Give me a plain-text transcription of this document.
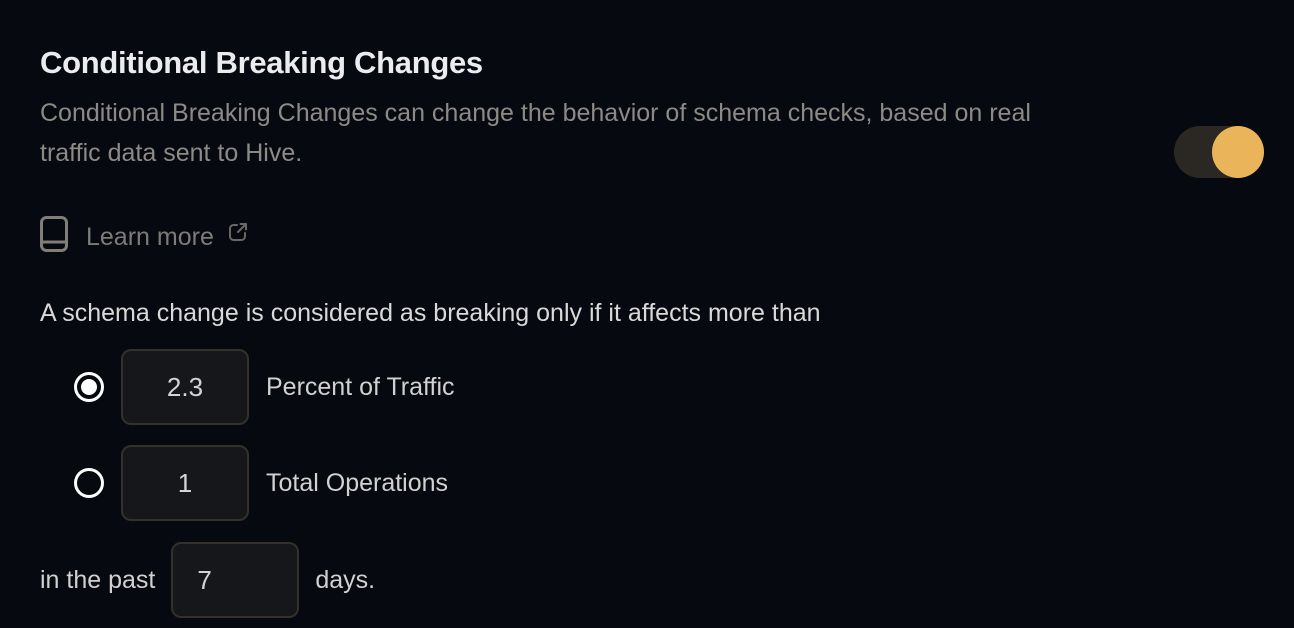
Conditional Breaking Changes

Conditional Breaking Changes can change the behavior of schema checks, based on real
traffic data sent to Hive.

Learn more

A schema change is considered as breaking only if it affects more than

2.3
Percent of Traffic
1
Total Operations
in the past
7	days.
